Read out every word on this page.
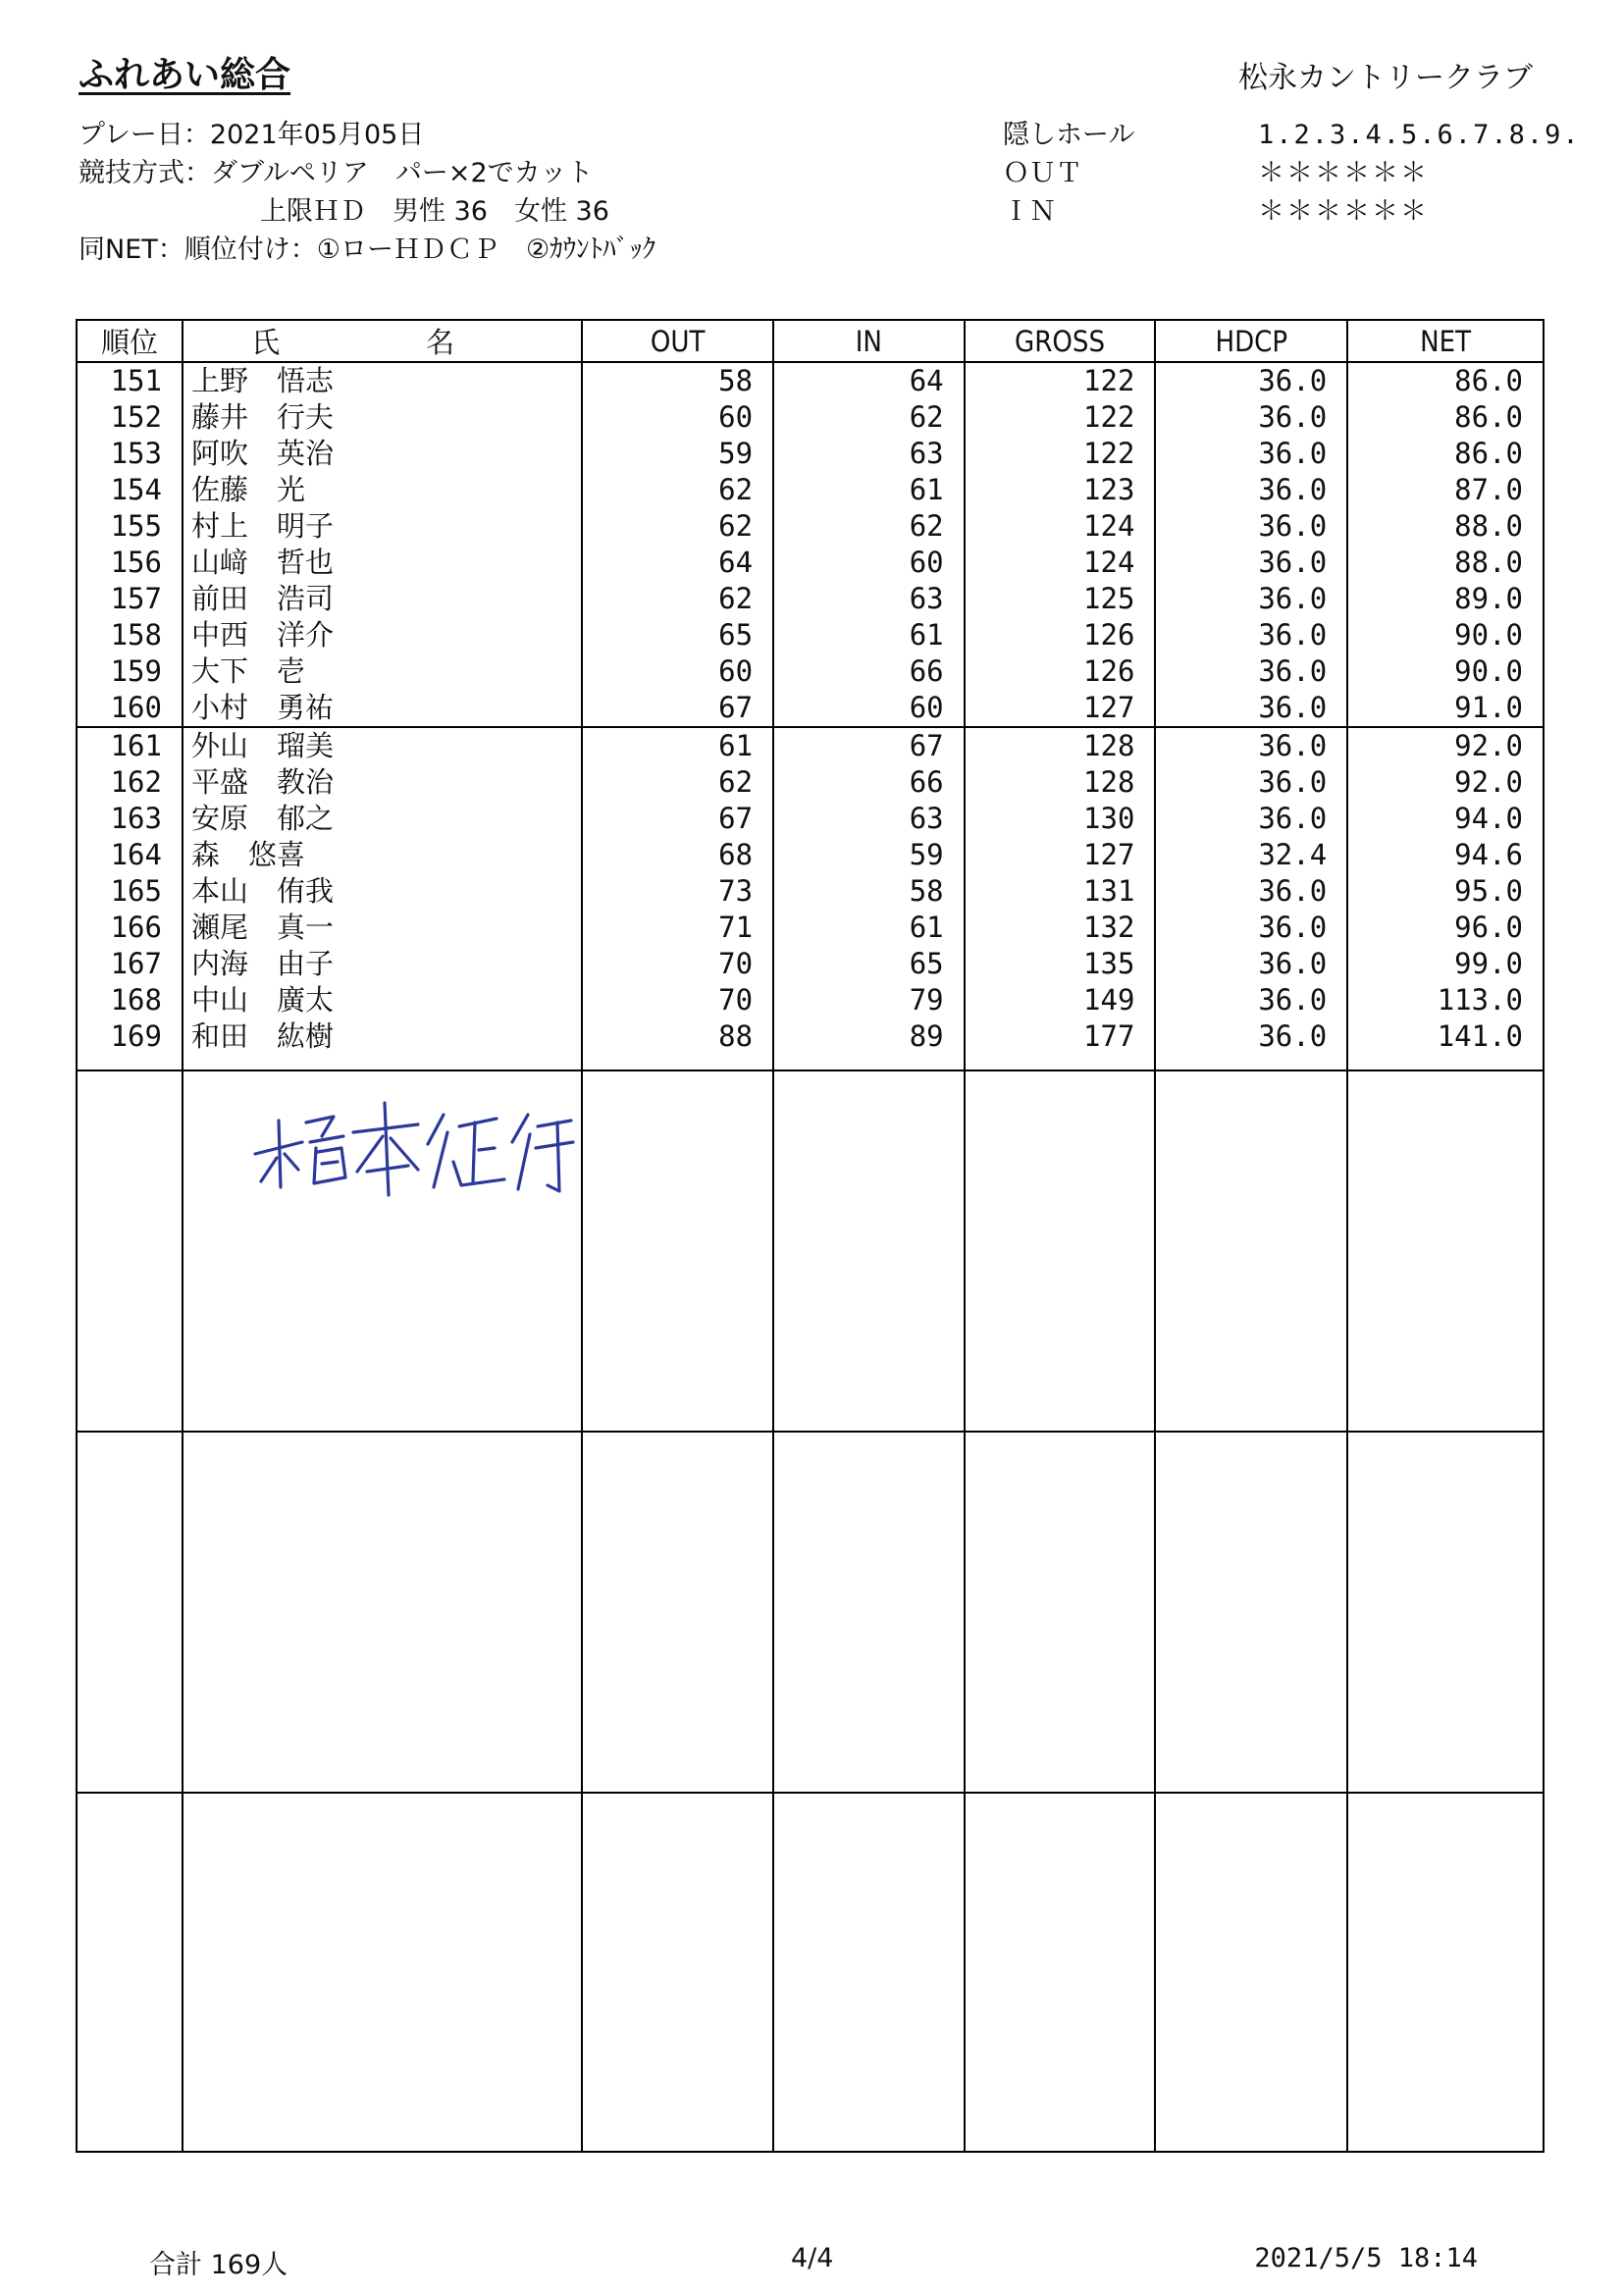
ふれあい総合	松永カントリークラブ
プレー日：2021年05月05日
競技方式：ダブルペリア　パー×2でカット
上限ＨＤ　男性 36　女性 36
同NET：順位付け：①ローＨＤＣＰ　②ｶｳﾝﾄﾊﾞｯｸ
隠しホール	1.2.3.4.5.6.7.8.9.
ＯＵＴ	＊＊＊＊＊＊
ＩＮ	＊＊＊＊＊＊
順位	氏　名	OUT	IN	GROSS	HDCP	NET
151	上野　悟志	58	64	122	36.0	86.0
152	藤井　行夫	60	62	122	36.0	86.0
153	阿吹　英治	59	63	122	36.0	86.0
154	佐藤　光	62	61	123	36.0	87.0
155	村上　明子	62	62	124	36.0	88.0
156	山﨑　哲也	64	60	124	36.0	88.0
157	前田　浩司	62	63	125	36.0	89.0
158	中西　洋介	65	61	126	36.0	90.0
159	大下　壱	60	66	126	36.0	90.0
160	小村　勇祐	67	60	127	36.0	91.0
161	外山　瑠美	61	67	128	36.0	92.0
162	平盛　教治	62	66	128	36.0	92.0
163	安原　郁之	67	63	130	36.0	94.0
164	森　悠喜	68	59	127	32.4	94.6
165	本山　侑我	73	58	131	36.0	95.0
166	瀬尾　真一	71	61	132	36.0	96.0
167	内海　由子	70	65	135	36.0	99.0
168	中山　廣太	70	79	149	36.0	113.0
169	和田　紘樹	88	89	177	36.0	141.0

合計 169人	4/4	2021/5/5 18:14
